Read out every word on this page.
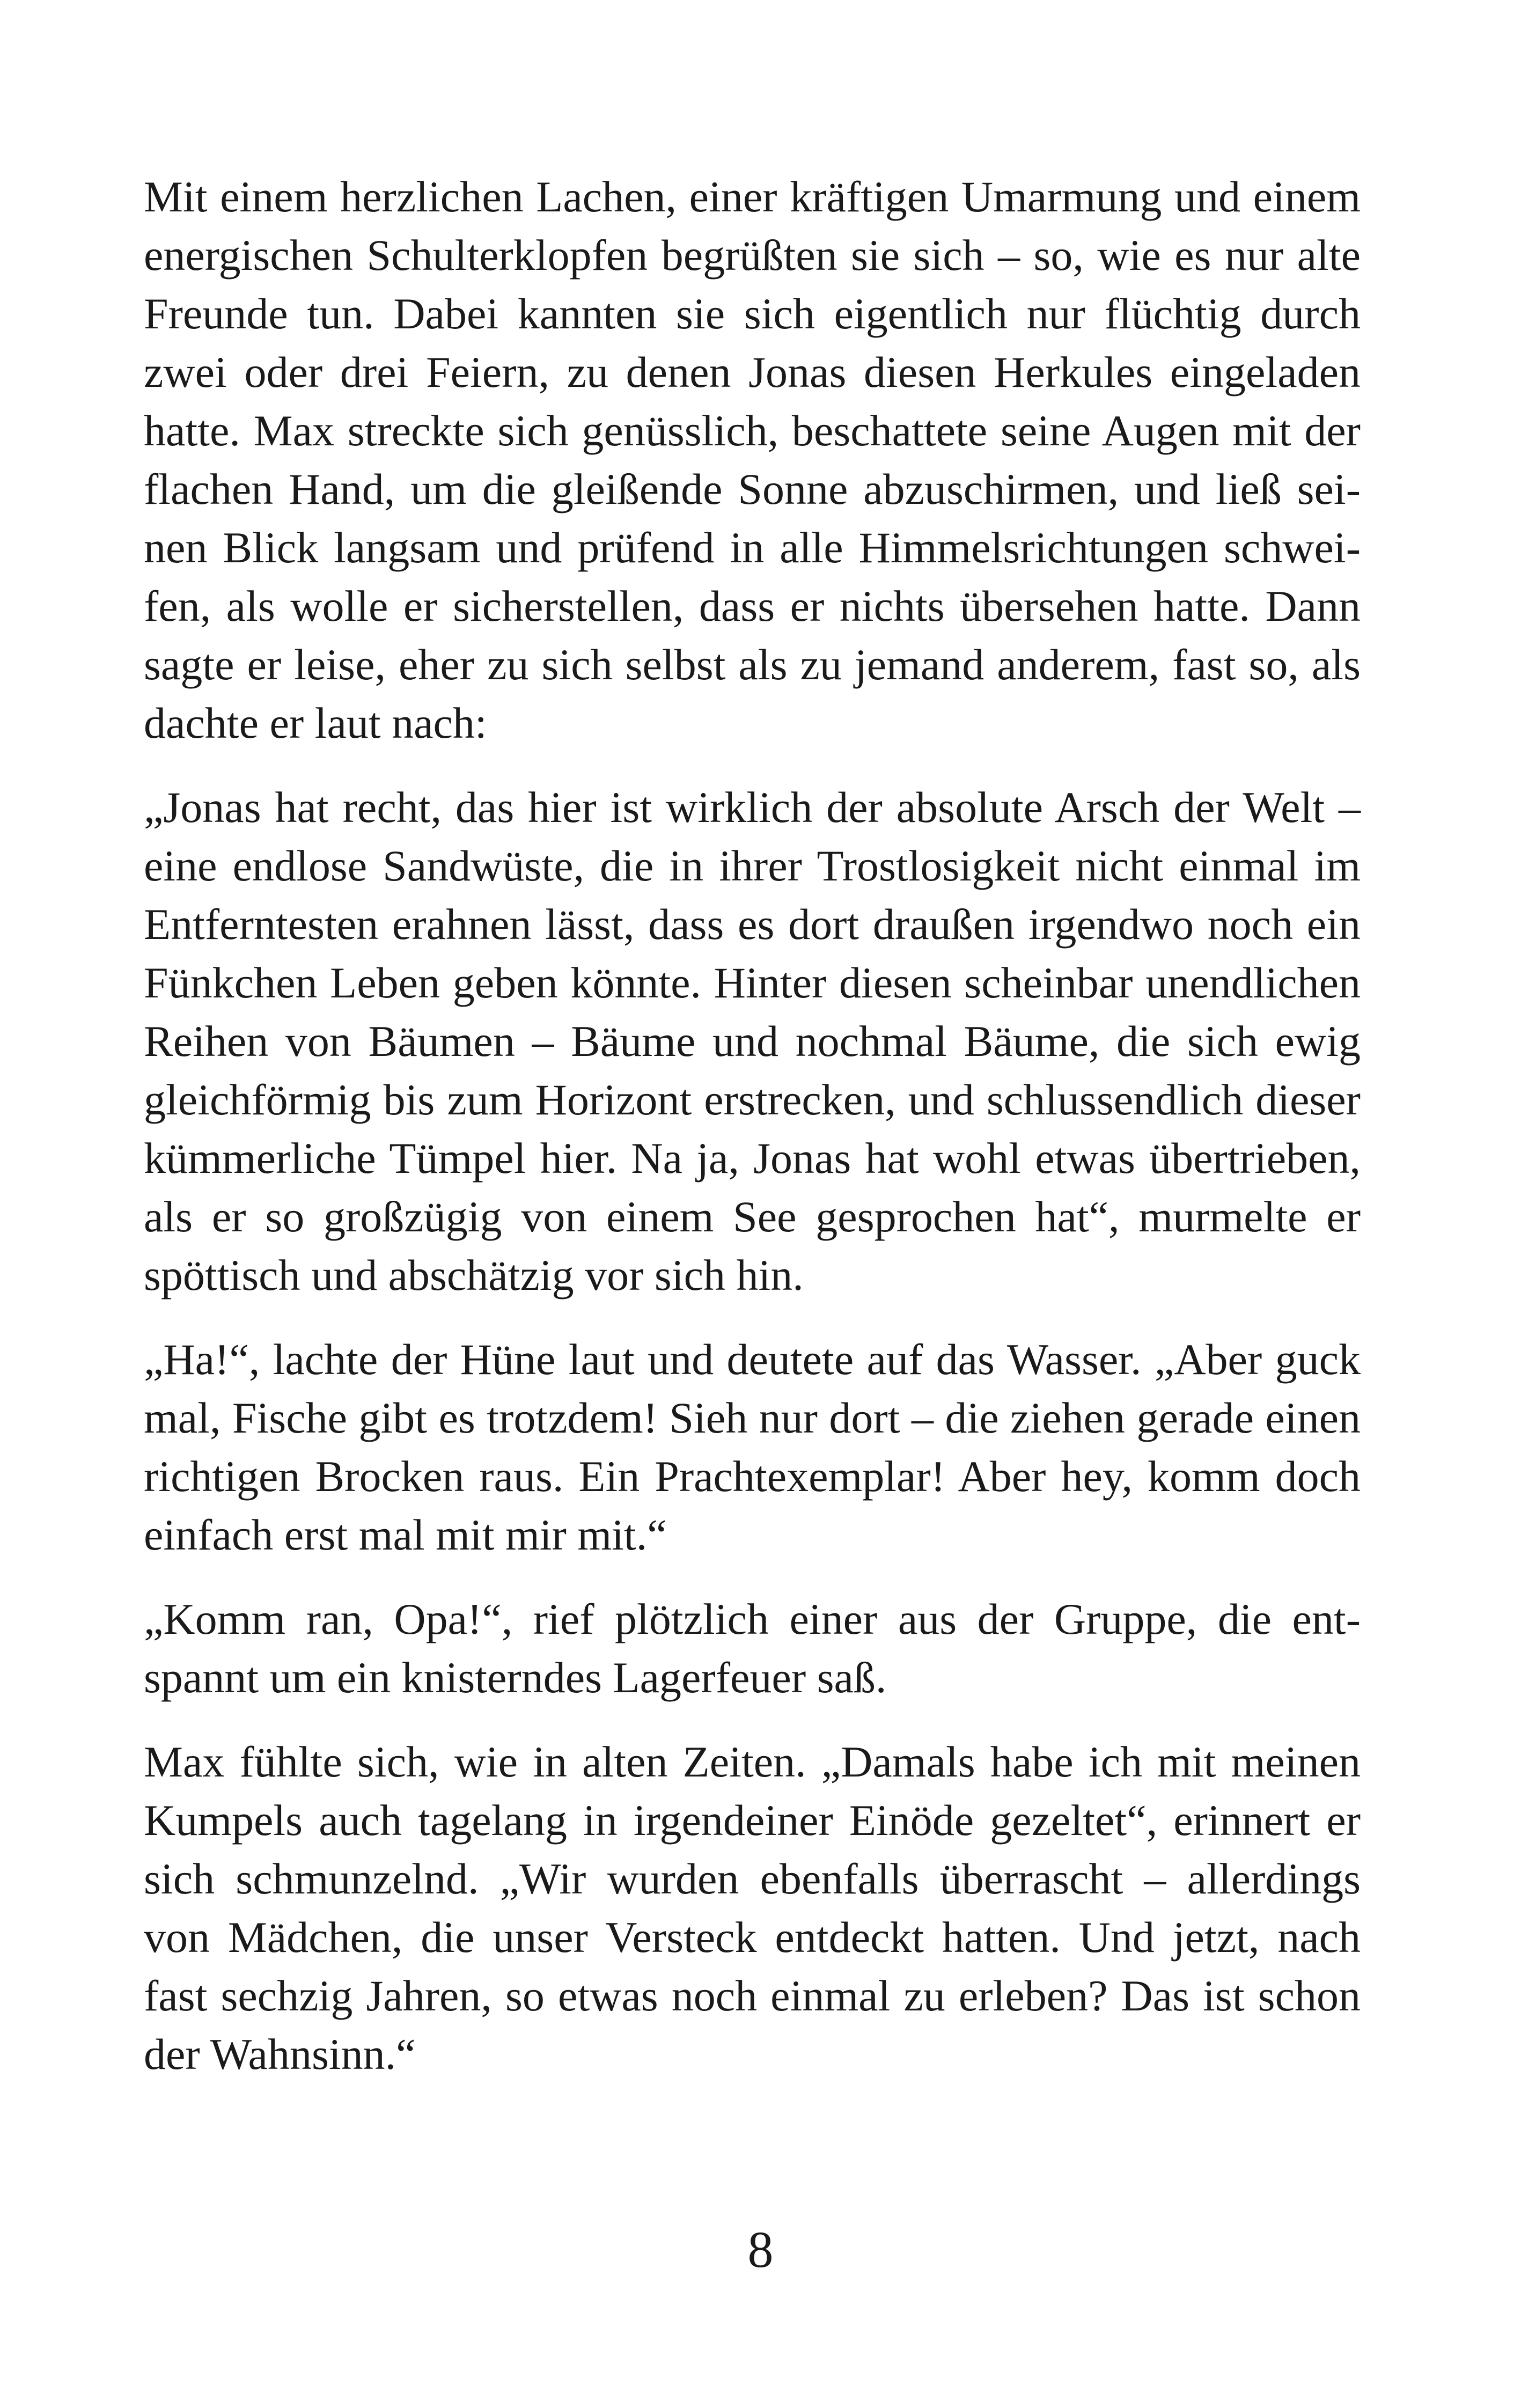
Mit einem herzlichen Lachen, einer kräftigen Umarmung und einem energischen Schulterklopfen begrüßten sie sich – so, wie es nur alte Freunde tun. Dabei kannten sie sich eigentlich nur flüchtig durch zwei oder drei Feiern, zu denen Jonas diesen Herkules eingeladen hatte. Max streckte sich genüsslich, beschattete seine Augen mit der flachen Hand, um die gleißende Sonne abzuschirmen, und ließ seinen Blick langsam und prüfend in alle Himmelsrichtungen schweifen, als wolle er sicherstellen, dass er nichts übersehen hatte. Dann sagte er leise, eher zu sich selbst als zu jemand anderem, fast so, als dachte er laut nach:

„Jonas hat recht, das hier ist wirklich der absolute Arsch der Welt – eine endlose Sandwüste, die in ihrer Trostlosigkeit nicht einmal im Entferntesten erahnen lässt, dass es dort draußen irgendwo noch ein Fünkchen Leben geben könnte. Hinter diesen scheinbar unendlichen Reihen von Bäumen – Bäume und nochmal Bäume, die sich ewig gleichförmig bis zum Horizont erstrecken, und schlussendlich dieser kümmerliche Tümpel hier. Na ja, Jonas hat wohl etwas übertrieben, als er so großzügig von einem See gesprochen hat“, murmelte er spöttisch und abschätzig vor sich hin.

„Ha!“, lachte der Hüne laut und deutete auf das Wasser. „Aber guck mal, Fische gibt es trotzdem! Sieh nur dort – die ziehen gerade einen richtigen Brocken raus. Ein Prachtexemplar! Aber hey, komm doch einfach erst mal mit mir mit.“

„Komm ran, Opa!“, rief plötzlich einer aus der Gruppe, die entspannt um ein knisterndes Lagerfeuer saß.

Max fühlte sich, wie in alten Zeiten. „Damals habe ich mit meinen Kumpels auch tagelang in irgendeiner Einöde gezeltet“, erinnert er sich schmunzelnd. „Wir wurden ebenfalls überrascht – allerdings von Mädchen, die unser Versteck entdeckt hatten. Und jetzt, nach fast sechzig Jahren, so etwas noch einmal zu erleben? Das ist schon der Wahnsinn.“

8
